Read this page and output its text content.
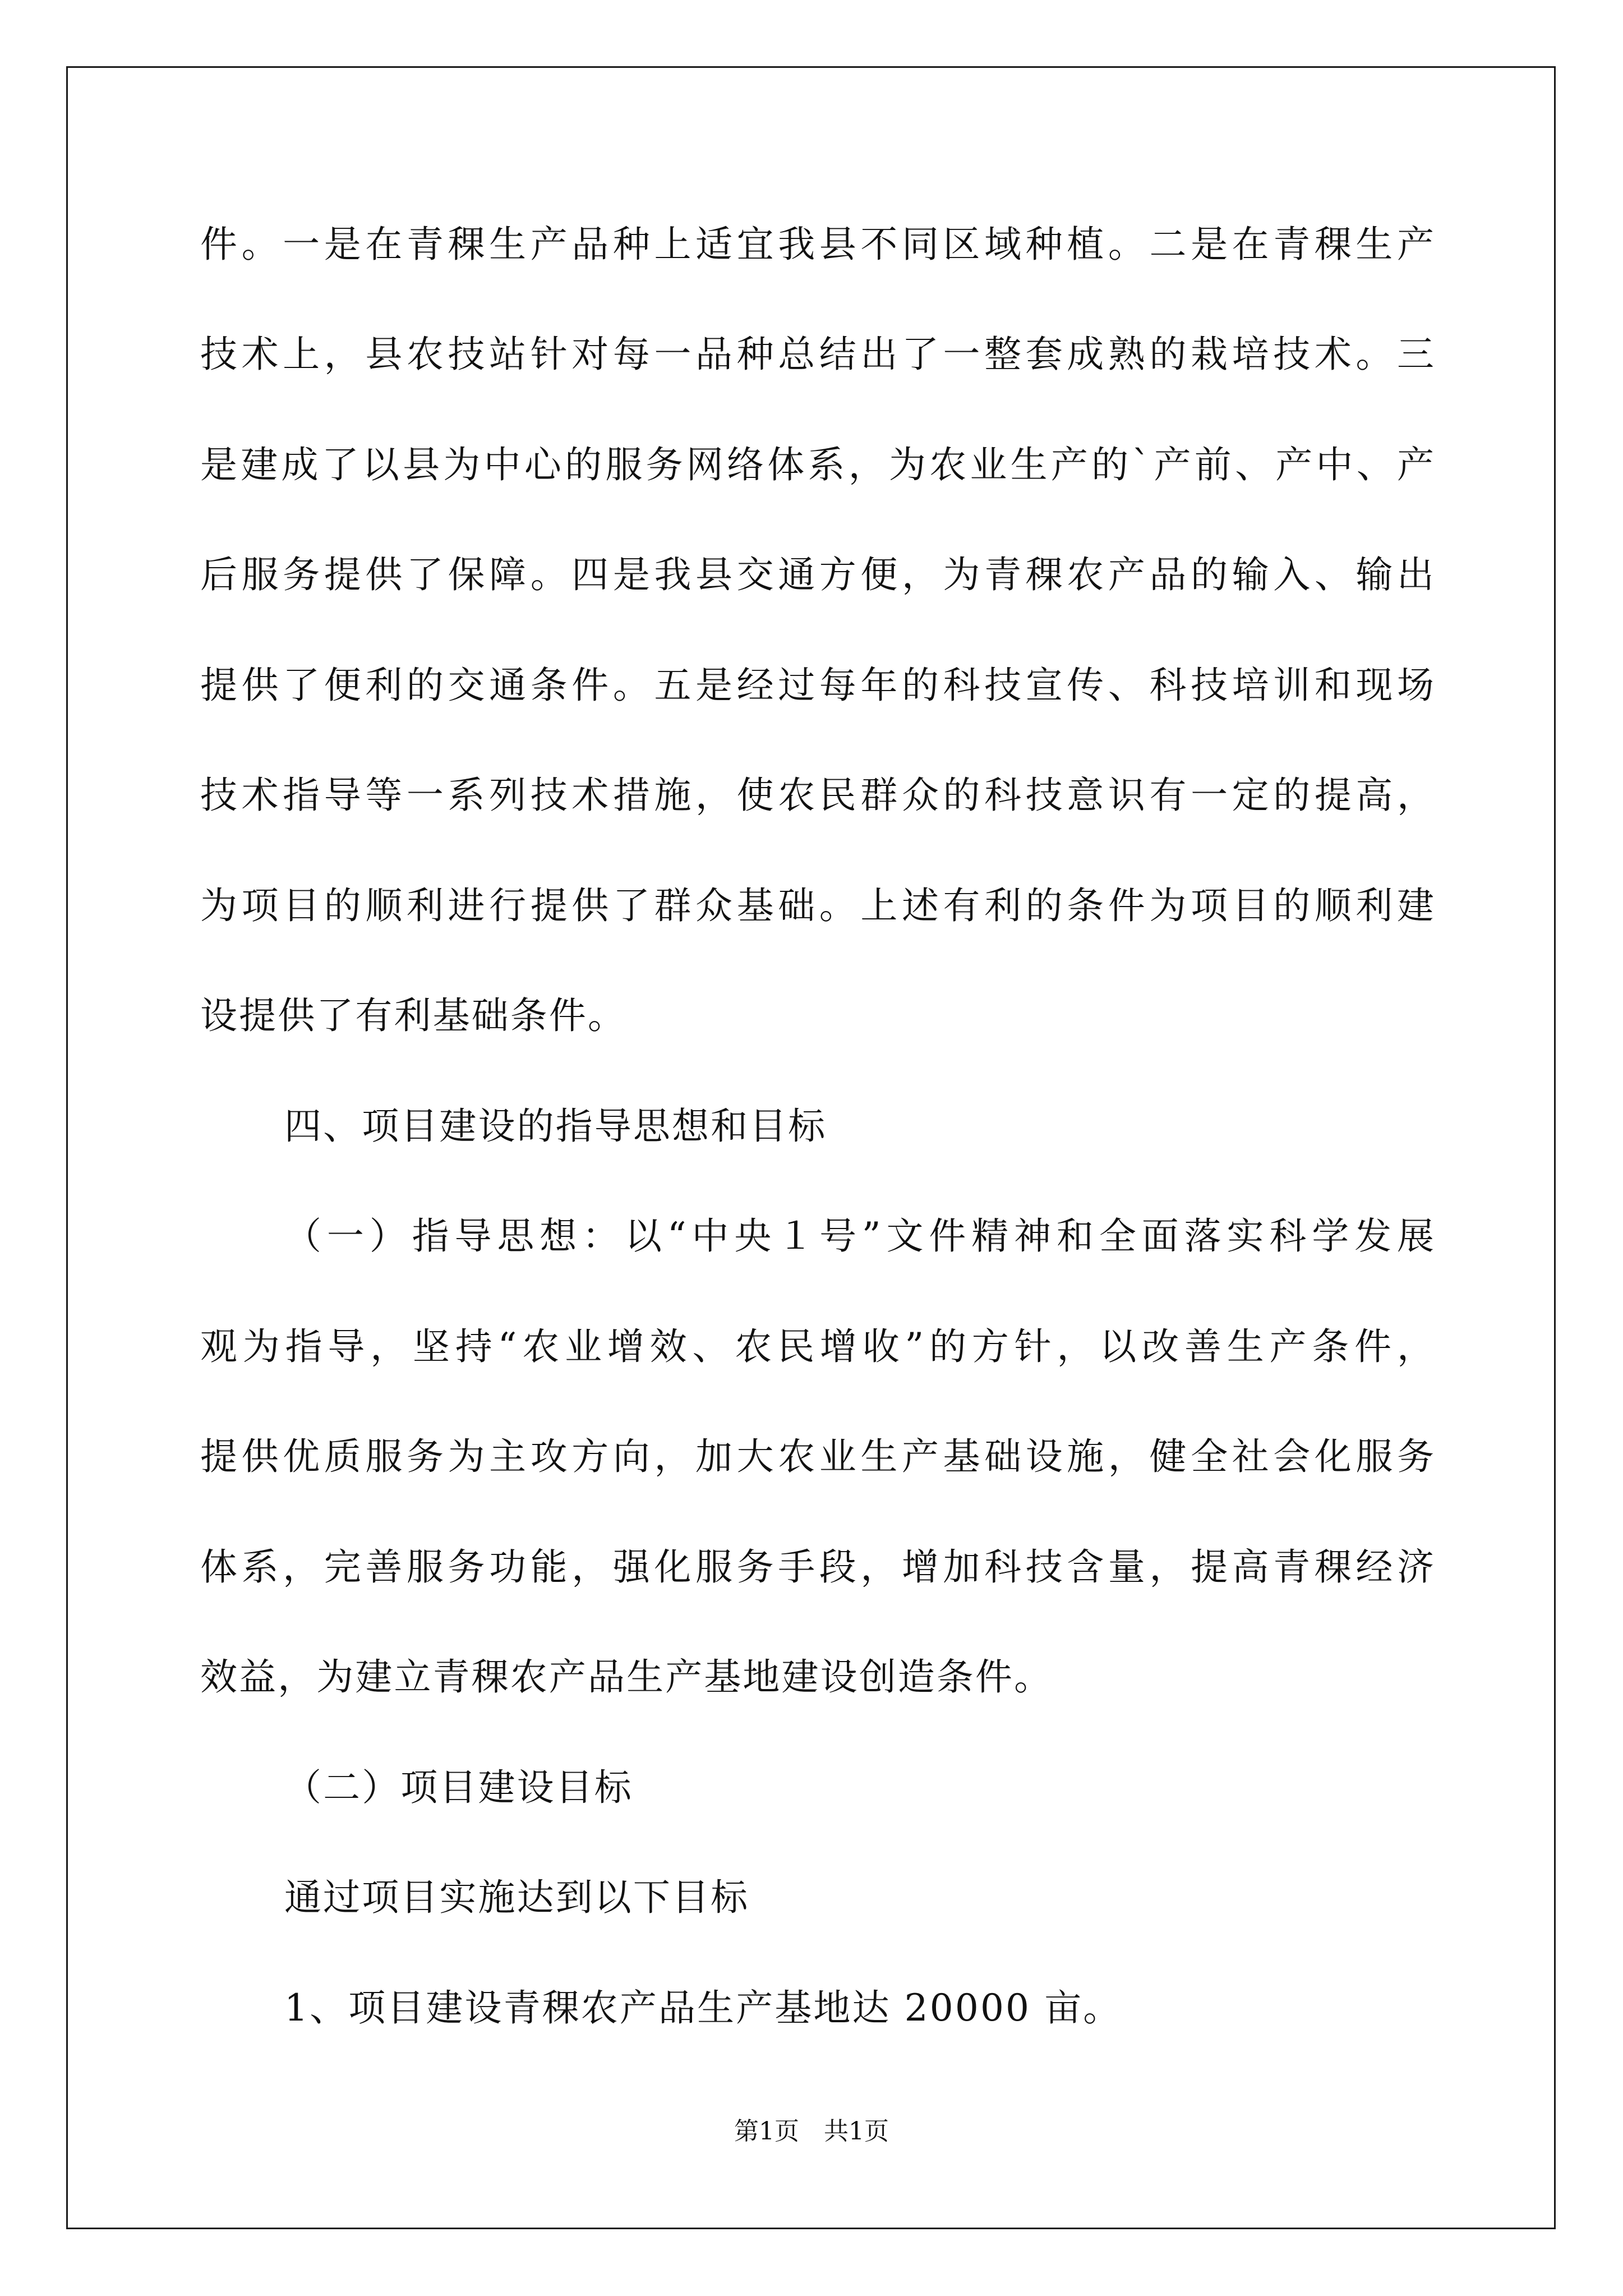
件。一是在青稞生产品种上适宜我县不同区域种植。二是在青稞生产
技术上，县农技站针对每一品种总结出了一整套成熟的栽培技术。三
是建成了以县为中心的服务网络体系，为农业生产的`产前、产中、产
后服务提供了保障。四是我县交通方便，为青稞农产品的输入、输出
提供了便利的交通条件。五是经过每年的科技宣传、科技培训和现场
技术指导等一系列技术措施，使农民群众的科技意识有一定的提高，
为项目的顺利进行提供了群众基础。上述有利的条件为项目的顺利建
设提供了有利基础条件。
四、项目建设的指导思想和目标
（一）指导思想：以“中央１号”文件精神和全面落实科学发展
观为指导，坚持“农业增效、农民增收”的方针，以改善生产条件，
提供优质服务为主攻方向，加大农业生产基础设施，健全社会化服务
体系，完善服务功能，强化服务手段，增加科技含量，提高青稞经济
效益，为建立青稞农产品生产基地建设创造条件。
（二）项目建设目标
通过项目实施达到以下目标
1、项目建设青稞农产品生产基地达 20000 亩。
第1页　共1页
